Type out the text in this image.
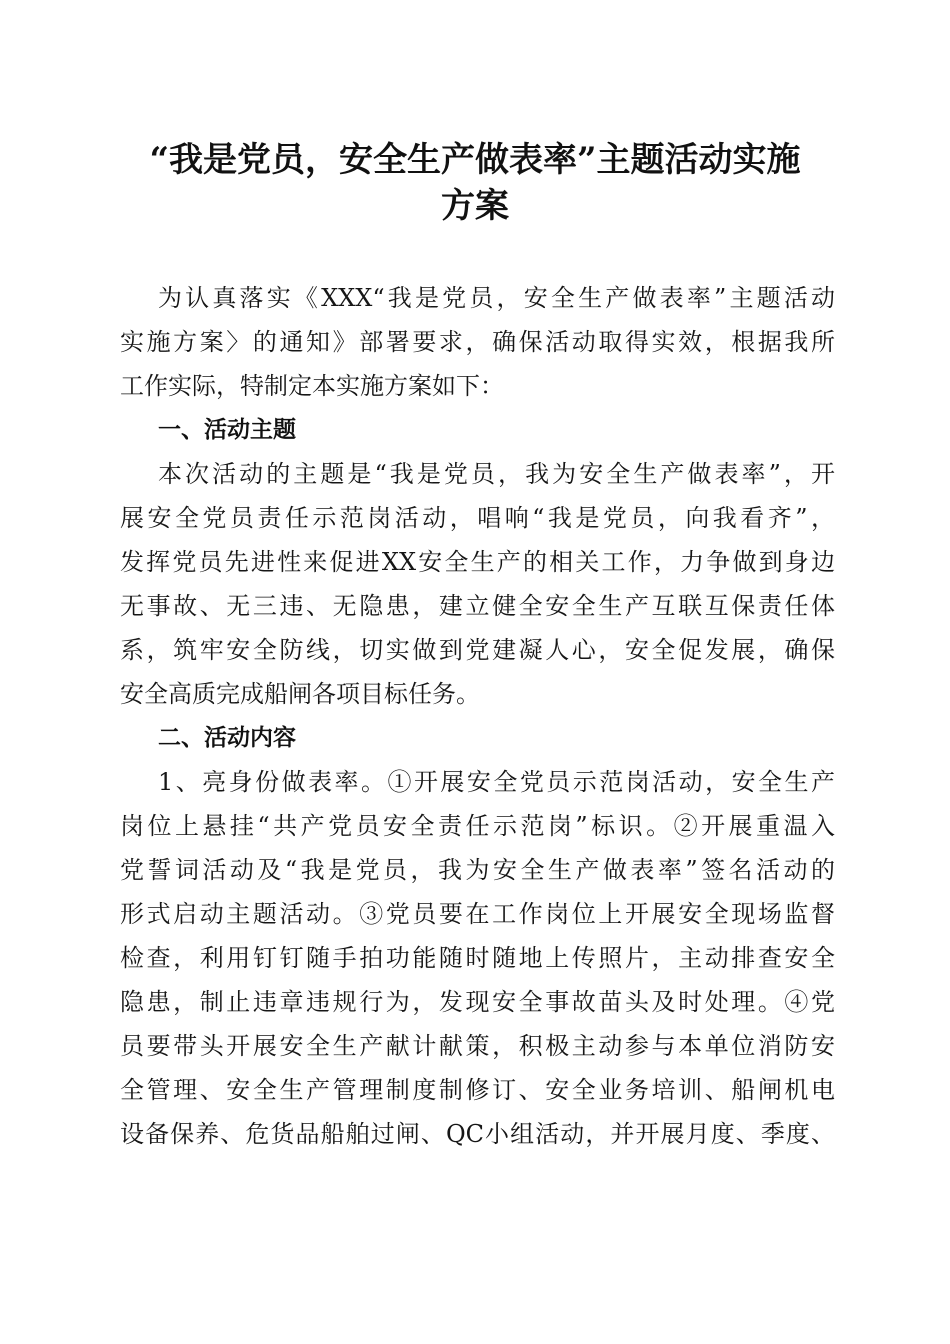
“我是党员，安全生产做表率”主题活动实施
方案
为认真落实《XXX“我是党员，安全生产做表率”主题活动
实施方案〉的通知》部署要求，确保活动取得实效，根据我所
工作实际，特制定本实施方案如下：
一、活动主题
本次活动的主题是“我是党员，我为安全生产做表率”，开
展安全党员责任示范岗活动，唱响“我是党员，向我看齐”，
发挥党员先进性来促进XX安全生产的相关工作，力争做到身边
无事故、无三违、无隐患，建立健全安全生产互联互保责任体
系，筑牢安全防线，切实做到党建凝人心，安全促发展，确保
安全高质完成船闸各项目标任务。
二、活动内容
1、亮身份做表率。①开展安全党员示范岗活动，安全生产
岗位上悬挂“共产党员安全责任示范岗”标识。②开展重温入
党誓词活动及“我是党员，我为安全生产做表率”签名活动的
形式启动主题活动。③党员要在工作岗位上开展安全现场监督
检查，利用钉钉随手拍功能随时随地上传照片，主动排查安全
隐患，制止违章违规行为，发现安全事故苗头及时处理。④党
员要带头开展安全生产献计献策，积极主动参与本单位消防安
全管理、安全生产管理制度制修订、安全业务培训、船闸机电
设备保养、危货品船舶过闸、QC小组活动，并开展月度、季度、
